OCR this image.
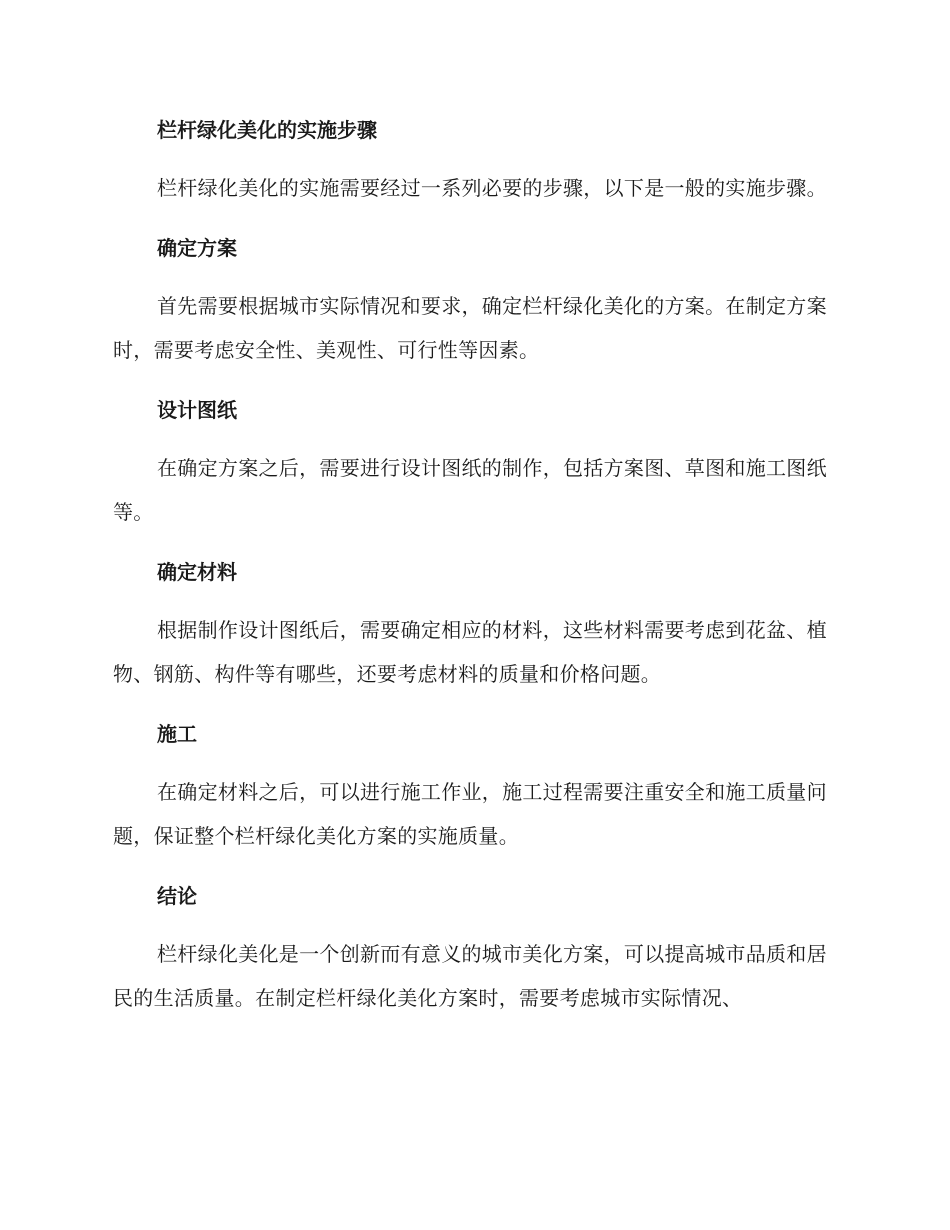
栏杆绿化美化的实施步骤

栏杆绿化美化的实施需要经过一系列必要的步骤，以下是一般的实施步骤。

确定方案

首先需要根据城市实际情况和要求，确定栏杆绿化美化的方案。在制定方案时，需要考虑安全性、美观性、可行性等因素。

设计图纸

在确定方案之后，需要进行设计图纸的制作，包括方案图、草图和施工图纸等。

确定材料

根据制作设计图纸后，需要确定相应的材料，这些材料需要考虑到花盆、植物、钢筋、构件等有哪些，还要考虑材料的质量和价格问题。

施工

在确定材料之后，可以进行施工作业，施工过程需要注重安全和施工质量问题，保证整个栏杆绿化美化方案的实施质量。

结论

栏杆绿化美化是一个创新而有意义的城市美化方案，可以提高城市品质和居民的生活质量。在制定栏杆绿化美化方案时，需要考虑城市实际情况、
